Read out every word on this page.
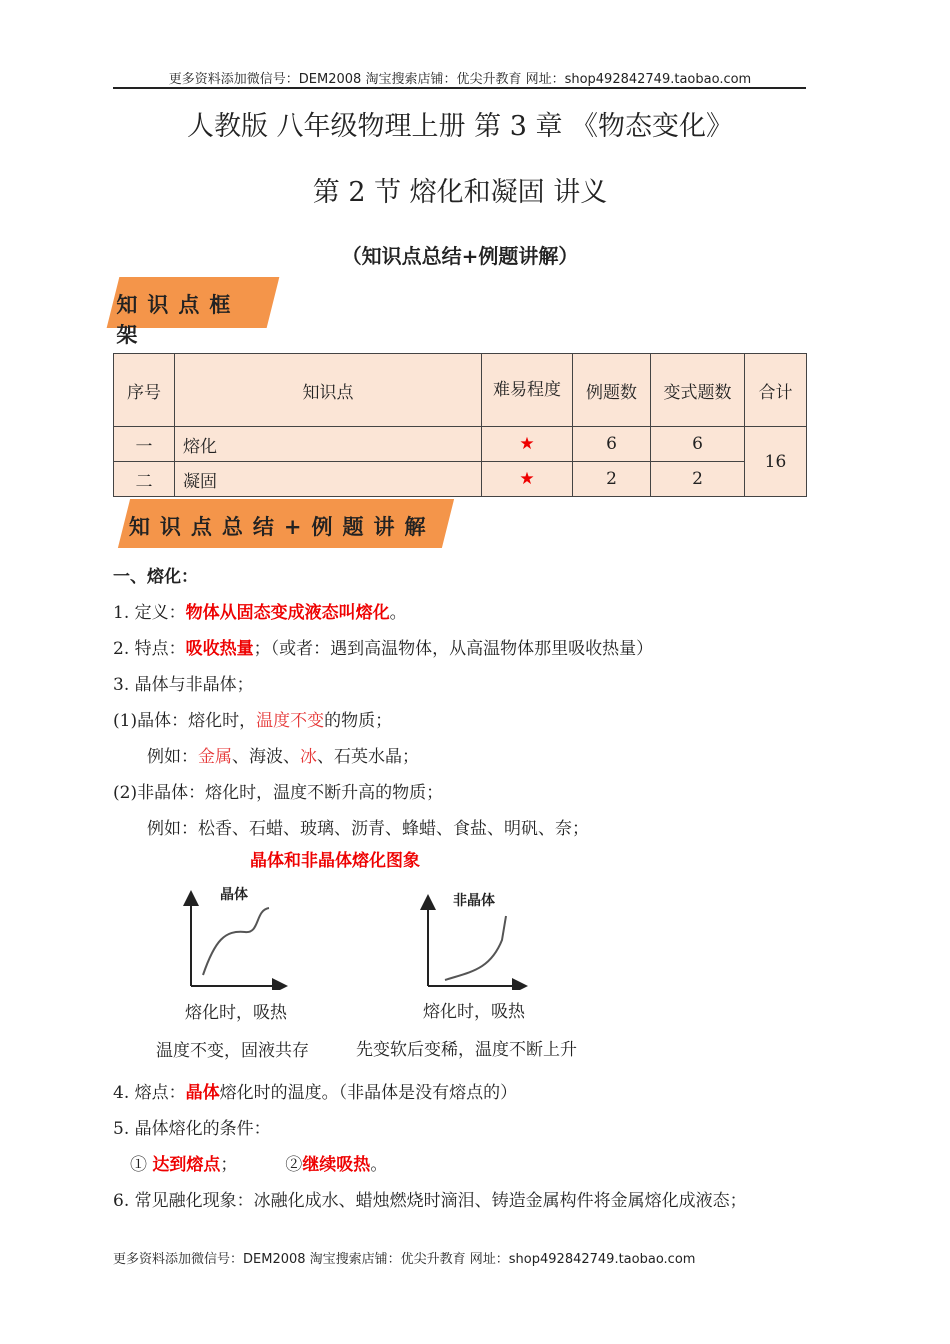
更多资料添加微信号：DEM2008 淘宝搜索店铺：优尖升教育 网址：shop492842749.taobao.com
人教版 八年级物理上册 第 3 章 《物态变化》
第 2 节 熔化和凝固 讲义
（知识点总结+例题讲解）
知识点框架
序号	知识点	难易程度	例题数	变式题数	合计
一	熔化	★	6	6	16
二	凝固	★	2	2	
知识点总结+例题讲解
一、熔化：
1. 定义：物体从固态变成液态叫熔化。
2. 特点：吸收热量；（或者：遇到高温物体，从高温物体那里吸收热量）
3. 晶体与非晶体；
(1)晶体：熔化时，温度不变的物质；
　　例如：金属、海波、冰、石英水晶；
(2)非晶体：熔化时，温度不断升高的物质；
　　例如：松香、石蜡、玻璃、沥青、蜂蜡、食盐、明矾、奈；
晶体和非晶体熔化图象
晶体	非晶体
熔化时，吸热	熔化时，吸热
温度不变，固液共存	先变软后变稀，温度不断上升
4. 熔点：晶体熔化时的温度。（非晶体是没有熔点的）
5. 晶体熔化的条件：
　① 达到熔点；　　　 ②继续吸热。
6. 常见融化现象：冰融化成水、蜡烛燃烧时滴泪、铸造金属构件将金属熔化成液态；
更多资料添加微信号：DEM2008 淘宝搜索店铺：优尖升教育 网址：shop492842749.taobao.com
